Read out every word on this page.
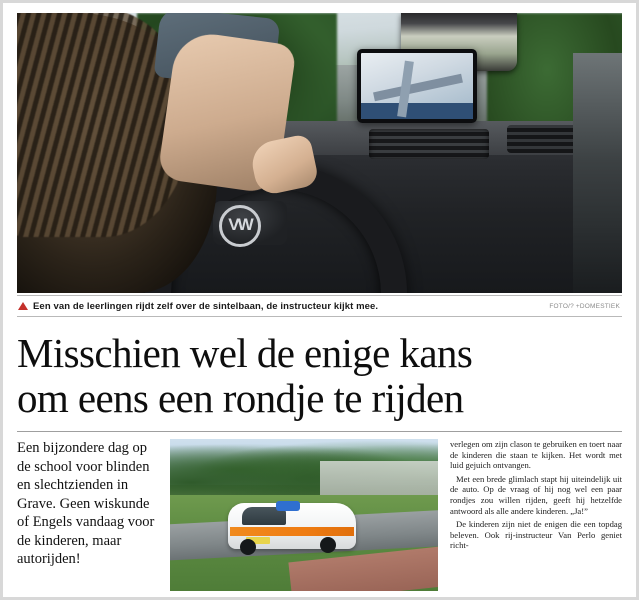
VW
Een van de leerlingen rijdt zelf over de sintelbaan, de instructeur kijkt mee.	FOTO/? +DOMESTIEK
Misschien wel de enige kans
om eens een rondje te rijden
Een bijzondere dag op de school voor blinden en slechtzienden in Grave. Geen wiskunde of Engels vandaag voor de kinderen, maar autorijden!

verlegen om zijn clason te gebruiken en toert naar de kinderen die staan te kijken. Het wordt met luid gejuich ontvangen.

Met een brede glimlach stapt hij uiteindelijk uit de auto. Op de vraag of hij nog wel een paar rondjes zou willen rijden, geeft hij hetzelfde antwoord als alle andere kinderen. „Ja!”

De kinderen zijn niet de enigen die een topdag beleven. Ook rij-instructeur Van Perlo geniet richt-
